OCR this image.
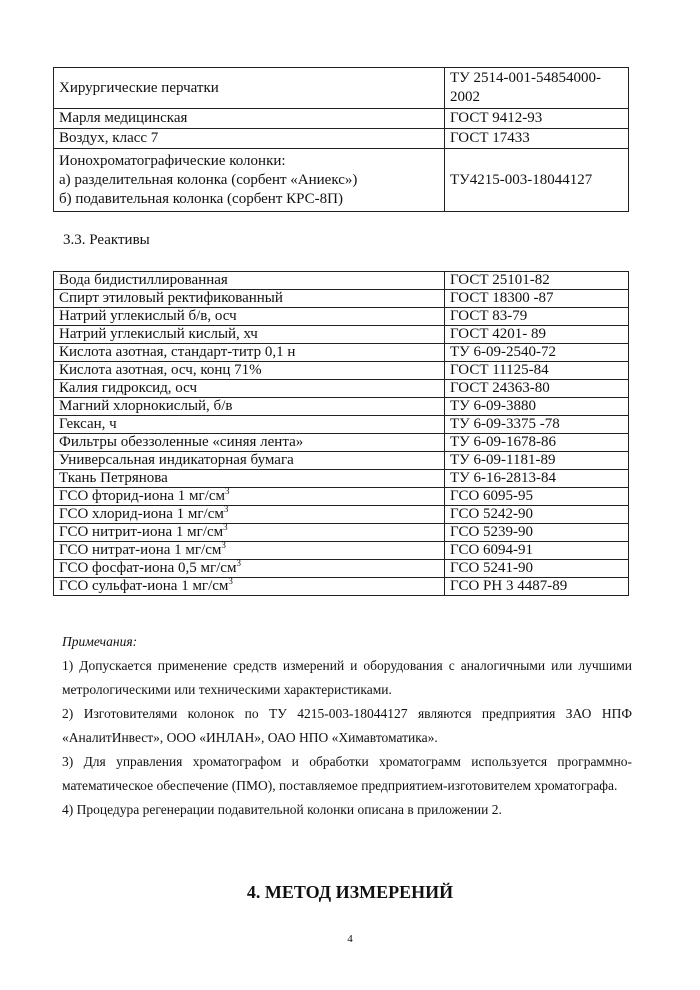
Хирургические перчатки	ТУ 2514-001-54854000-2002
Марля медицинская	ГОСТ 9412-93
Воздух, класс 7	ГОСТ 17433

Ионохроматографические колонки:
а) разделительная колонка (сорбент «Аниекс»)
б) подавительная колонка (сорбент КРС-8П)	ТУ4215-003-18044127
3.3. Реактивы
Вода бидистиллированная	ГОСТ 25101-82
Спирт этиловый ректификованный	ГОСТ 18300 -87
Натрий углекислый б/в, осч	ГОСТ 83-79
Натрий углекислый кислый, хч	ГОСТ 4201- 89
Кислота азотная, стандарт-титр 0,1 н	ТУ 6-09-2540-72
Кислота азотная, осч, конц 71%	ГОСТ 11125-84
Калия гидроксид, осч	ГОСТ 24363-80
Магний хлорнокислый, б/в	ТУ 6-09-3880
Гексан, ч	ТУ 6-09-3375 -78
Фильтры обеззоленные «синяя лента»	ТУ 6-09-1678-86
Универсальная индикаторная бумага	ТУ 6-09-1181-89
Ткань Петрянова	ТУ 6-16-2813-84
ГСО фторид-иона 1 $мг/см^3$	ГСО 6095-95
ГСО хлорид-иона 1 $мг/см^3$	ГСО 5242-90
ГСО нитрит-иона 1 $мг/см^3$	ГСО 5239-90
ГСО нитрат-иона 1 $мг/см^3$	ГСО 6094-91
ГСО фосфат-иона 0,5 $мг/см^3$	ГСО 5241-90
ГСО сульфат-иона 1 $мг/см^3$	ГСО РН 3 4487-89
Примечания:

1) Допускается применение средств измерений и оборудования с аналогичными или лучшими метрологическими или техническими характеристиками.

2) Изготовителями колонок по ТУ 4215-003-18044127 являются предприятия ЗАО НПФ «АналитИнвест», ООО «ИНЛАН», ОАО НПО «Химавтоматика».

3) Для управления хроматографом и обработки хроматограмм используется программно-математическое обеспечение (ПМО), поставляемое предприятием-изготовителем хроматографа.

4) Процедура регенерации подавительной колонки описана в приложении 2.

4. МЕТОД ИЗМЕРЕНИЙ
4
